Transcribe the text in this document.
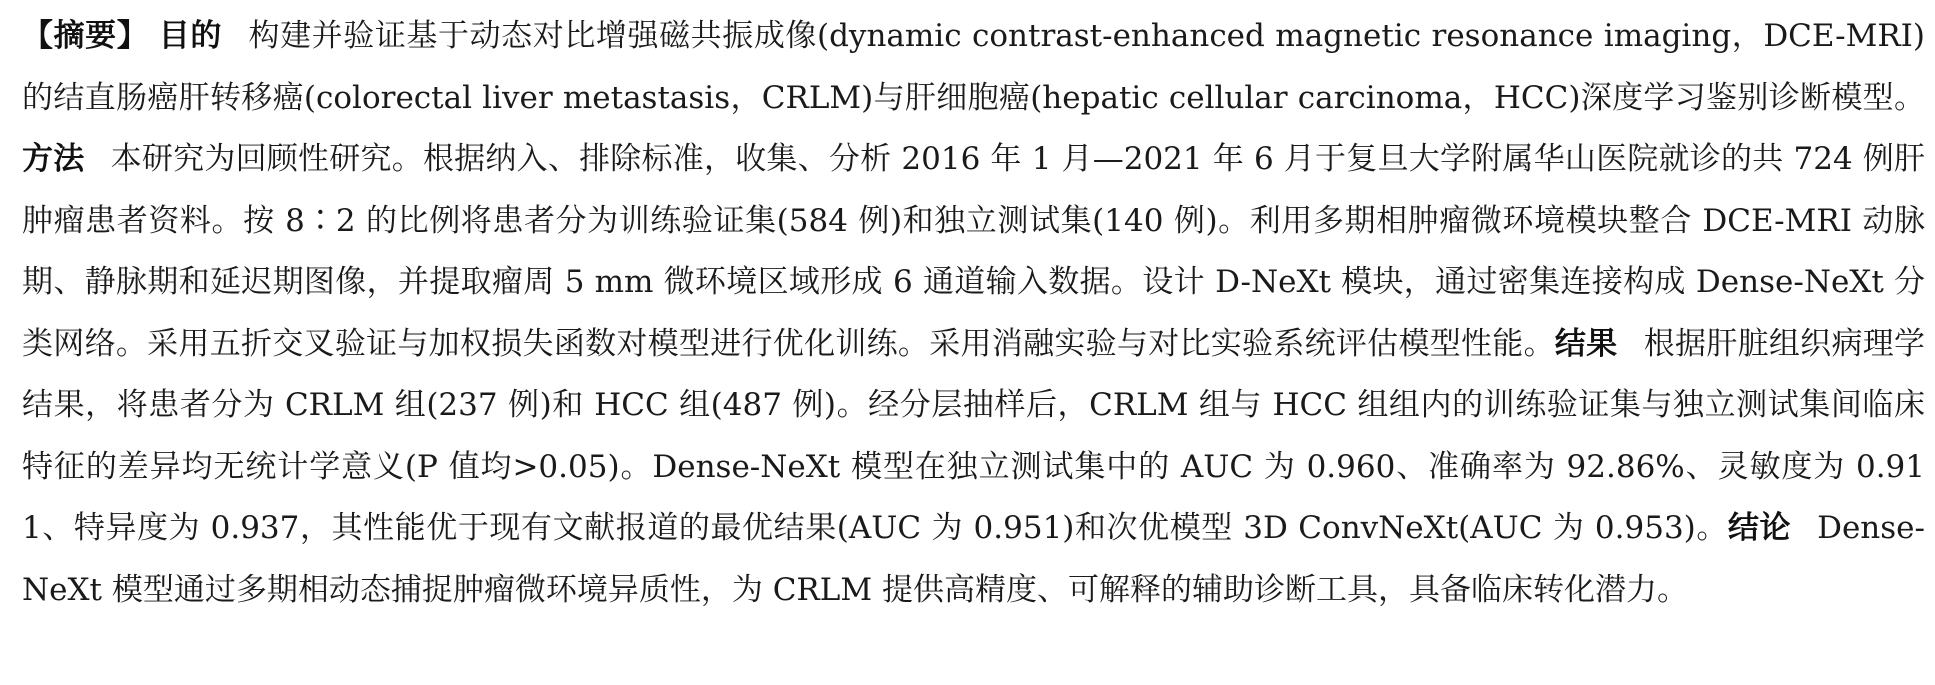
【摘要】 目的 构建并验证基于动态对比增强磁共振成像(dynamic contrast-enhanced magnetic resonance imaging，DCE-MRI)的结直肠癌肝转移癌(colorectal liver metastasis，CRLM)与肝细胞癌(hepatic cellular carcinoma，HCC)深度学习鉴别诊断模型。方法 本研究为回顾性研究。根据纳入、排除标准，收集、分析 2016 年 1 月—2021 年 6 月于复旦大学附属华山医院就诊的共 724 例肝肿瘤患者资料。按 8∶2 的比例将患者分为训练验证集(584 例)和独立测试集(140 例)。利用多期相肿瘤微环境模块整合 DCE-MRI 动脉期、静脉期和延迟期图像，并提取瘤周 5 mm 微环境区域形成 6 通道输入数据。设计 D-NeXt 模块，通过密集连接构成 Dense-NeXt 分类网络。采用五折交叉验证与加权损失函数对模型进行优化训练。采用消融实验与对比实验系统评估模型性能。结果 根据肝脏组织病理学结果，将患者分为 CRLM 组(237 例)和 HCC 组(487 例)。经分层抽样后，CRLM 组与 HCC 组组内的训练验证集与独立测试集间临床特征的差异均无统计学意义(P 值均>0.05)。Dense-NeXt 模型在独立测试集中的 AUC 为 0.960、准确率为 92.86%、灵敏度为 0.911、特异度为 0.937，其性能优于现有文献报道的最优结果(AUC 为 0.951)和次优模型 3D ConvNeXt(AUC 为 0.953)。结论 Dense-NeXt 模型通过多期相动态捕捉肿瘤微环境异质性，为 CRLM 提供高精度、可解释的辅助诊断工具，具备临床转化潜力。
